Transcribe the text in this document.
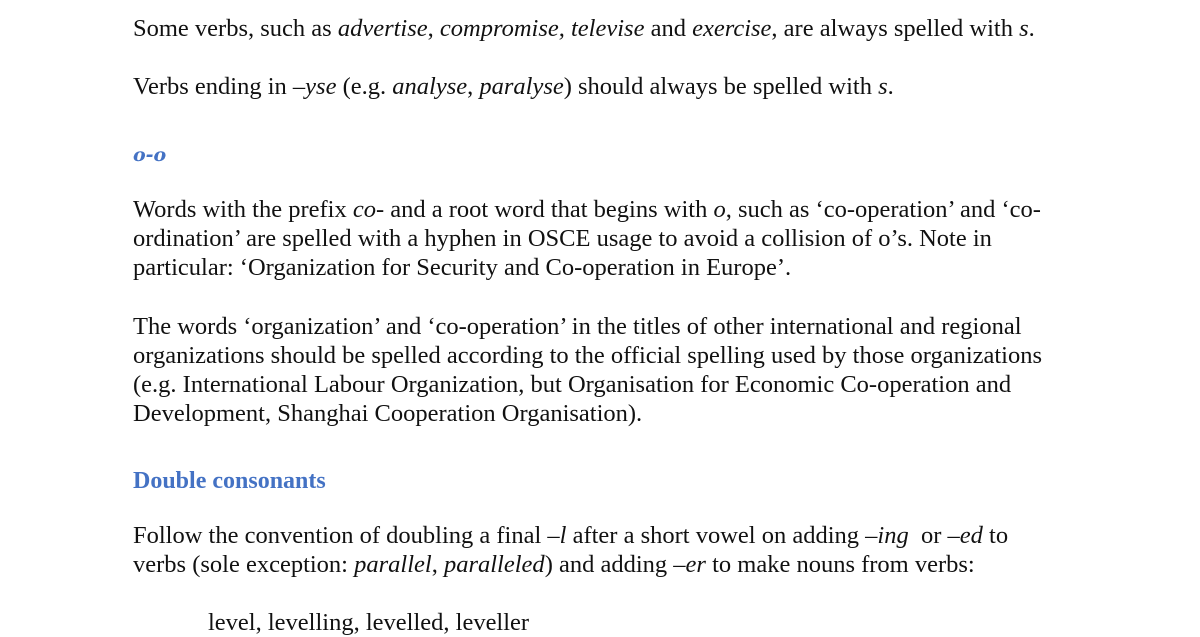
Some verbs, such as advertise, compromise, televise and exercise, are always spelled with s.

Verbs ending in –yse (e.g. analyse, paralyse) should always be spelled with s.

o-o

Words with the prefix co- and a root word that begins with o, such as ‘co-operation’ and ‘co-ordination’ are spelled with a hyphen in OSCE usage to avoid a collision of o’s. Note in particular: ‘Organization for Security and Co-operation in Europe’.

The words ‘organization’ and ‘co-operation’ in the titles of other international and regional organizations should be spelled according to the official spelling used by those organizations (e.g. International Labour Organization, but Organisation for Economic Co-operation and Development, Shanghai Cooperation Organisation).

Double consonants

Follow the convention of doubling a final –l after a short vowel on adding –ing  or –ed to verbs (sole exception: parallel, paralleled) and adding –er to make nouns from verbs:

level, levelling, levelled, leveller
